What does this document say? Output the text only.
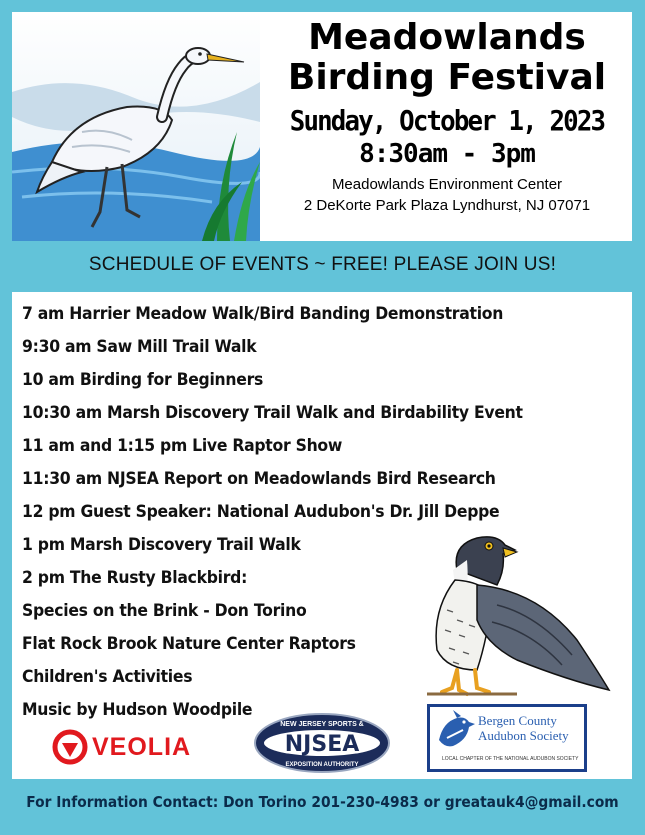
Meadowlands
Birding Festival
Sunday, October 1, 2023
8:30am - 3pm
Meadowlands Environment Center
2 DeKorte Park Plaza Lyndhurst, NJ 07071
SCHEDULE OF EVENTS ~ FREE! PLEASE JOIN US!
7 am Harrier Meadow Walk/Bird Banding Demonstration
9:30 am Saw Mill Trail Walk
10 am Birding for Beginners
10:30 am Marsh Discovery Trail Walk and Birdability Event
11 am and 1:15 pm Live Raptor Show
11:30 am NJSEA Report on Meadowlands Bird Research
12 pm Guest Speaker: National Audubon's Dr. Jill Deppe
1 pm Marsh Discovery Trail Walk
2 pm The Rusty Blackbird:
Species on the Brink - Don Torino
Flat Rock Brook Nature Center Raptors
Children's Activities
Music by Hudson Woodpile
VEOLIA
NEW JERSEY SPORTS &
NJSEA
EXPOSITION AUTHORITY
Bergen County
Audubon Society
LOCAL CHAPTER OF THE NATIONAL AUDUBON SOCIETY
For Information Contact: Don Torino 201-230-4983 or greatauk4@gmail.com
